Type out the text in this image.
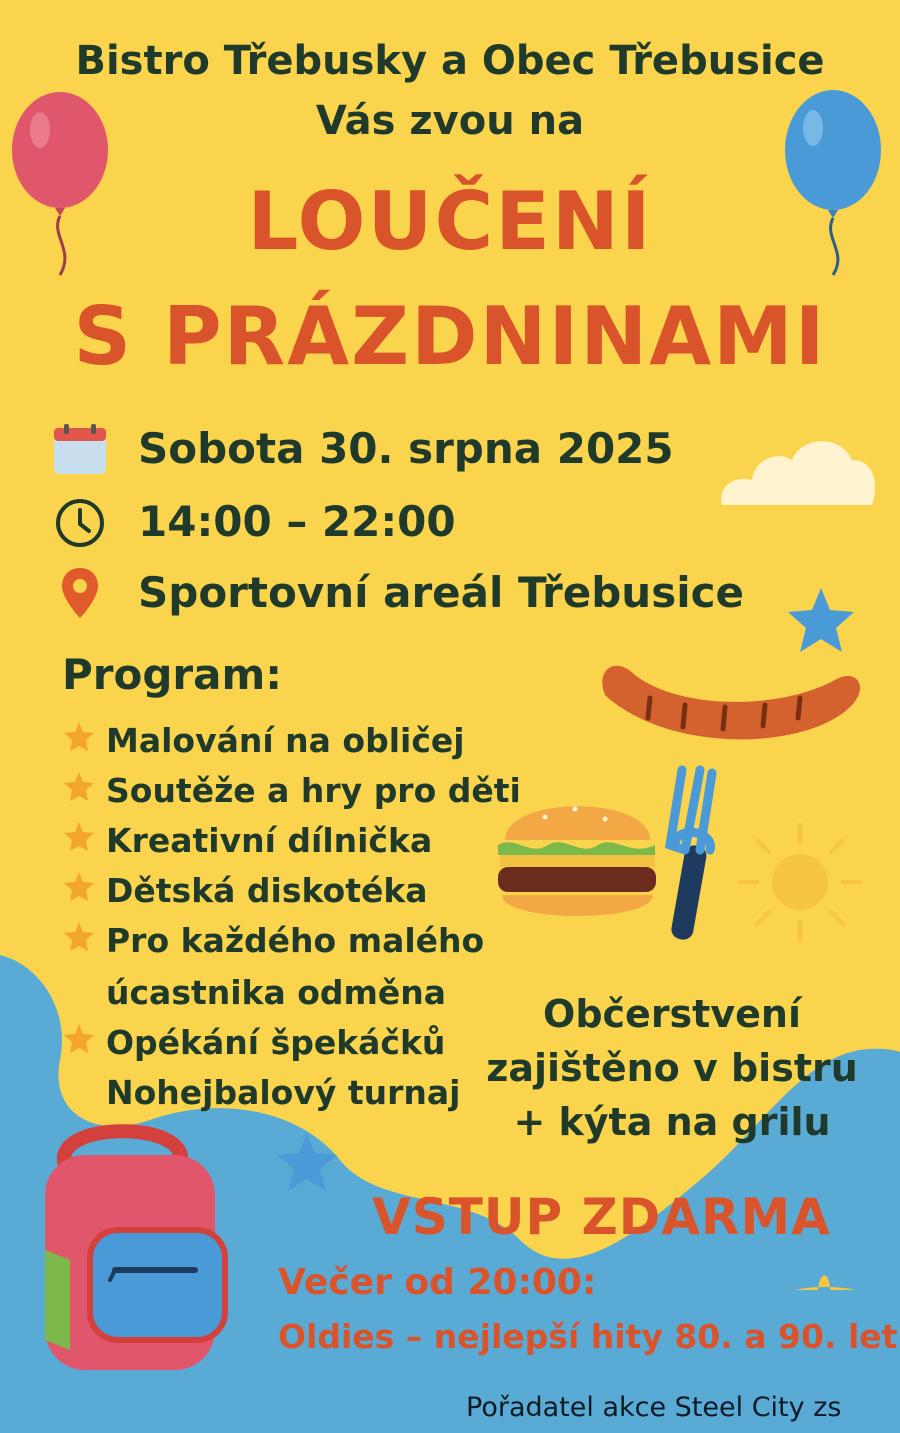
Bistro Třebusky a Obec Třebusice
Vás zvou na
LOUČENÍ
S PRÁZDNINAMI
Sobota 30. srpna 2025
14:00 – 22:00
Sportovní areál Třebusice
Program:
Malování na obličej
Soutěže a hry pro děti
Kreativní dílnička
Dětská diskotéka
Pro každého malého
úcastnika odměna
Opékání špekáčků
Nohejbalový turnaj
Občerstvení
zajištěno v bistru
+ kýta na grilu
VSTUP ZDARMA
Večer od 20:00:
Oldies – nejlepší hity 80. a 90. let
Pořadatel akce Steel City zs
